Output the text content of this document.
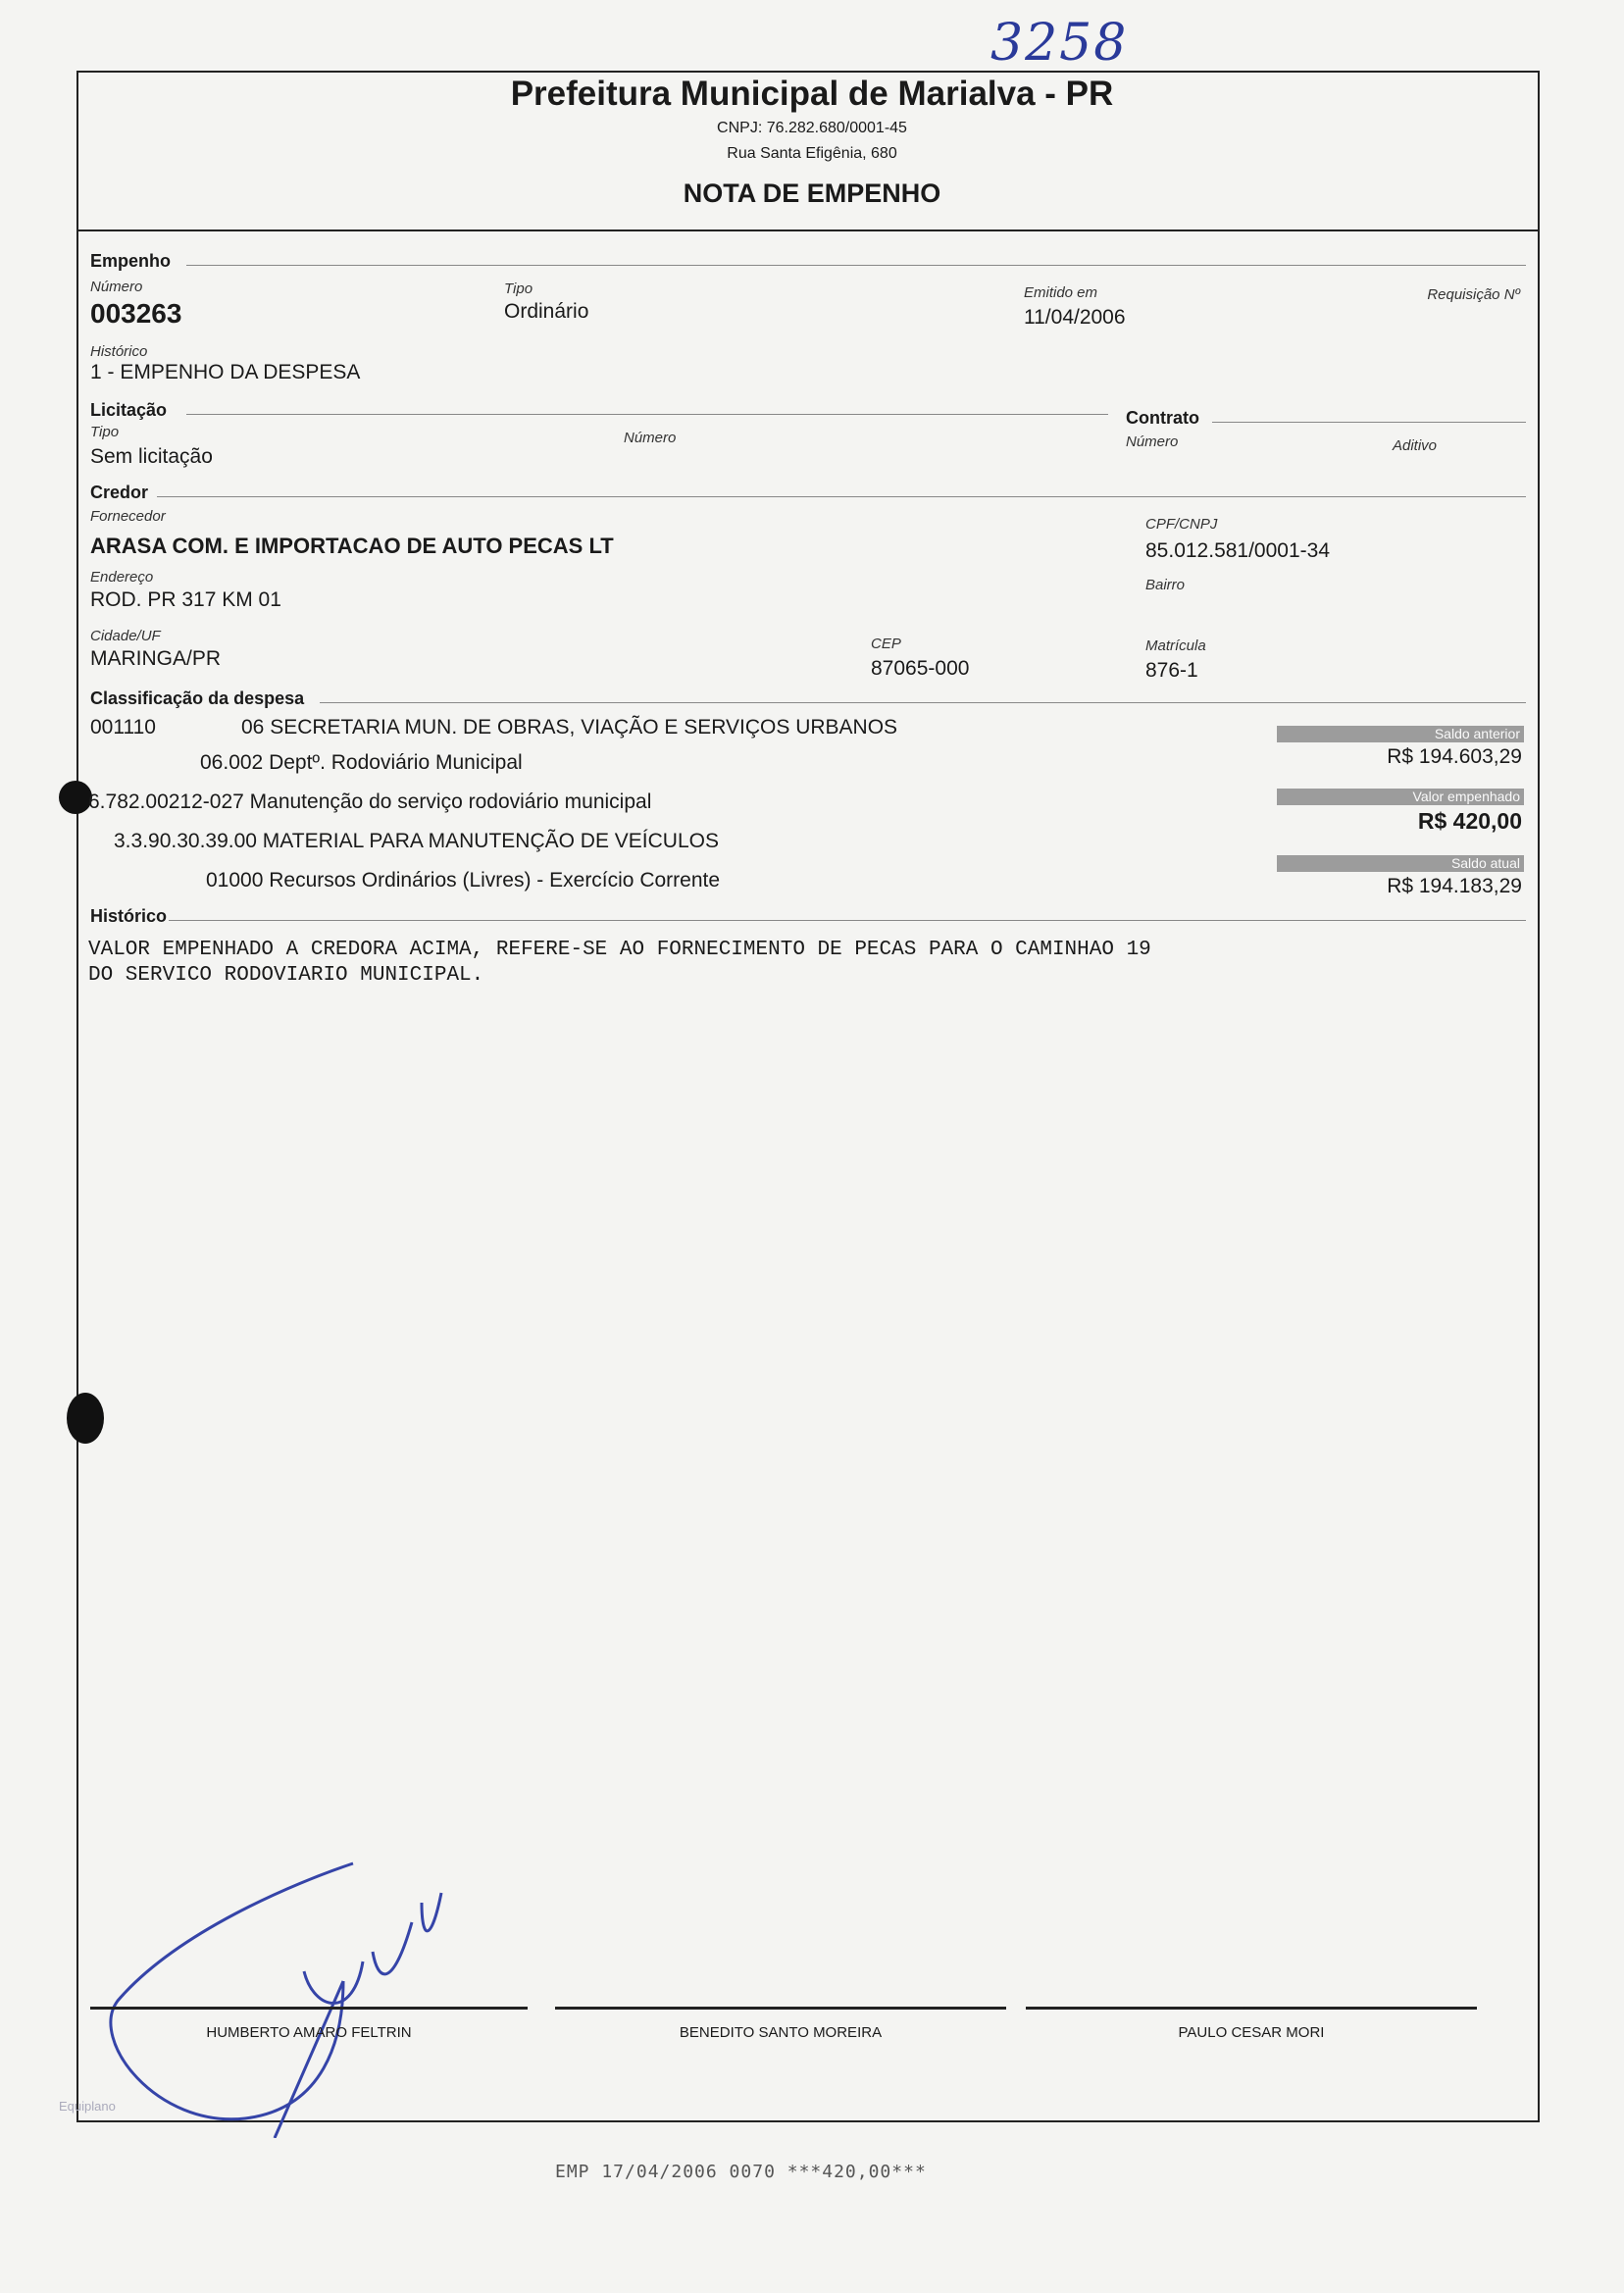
3258
Prefeitura Municipal de Marialva - PR
CNPJ: 76.282.680/0001-45
Rua Santa Efigênia, 680
NOTA DE EMPENHO
Empenho
Número
003263
Tipo
Ordinário
Emitido em
11/04/2006
Requisição Nº
Histórico
1 - EMPENHO DA DESPESA
Licitação
Tipo
Sem licitação
Número
Contrato
Número	Aditivo
Credor
Fornecedor
ARASA COM. E IMPORTACAO DE AUTO PECAS LT
CPF/CNPJ
85.012.581/0001-34
Endereço
ROD. PR 317 KM 01
Bairro
Cidade/UF
MARINGA/PR
CEP
87065-000
Matrícula
876-1
Classificação da despesa
001110	06 SECRETARIA MUN. DE OBRAS, VIAÇÃO E SERVIÇOS URBANOS
06.002 Deptº. Rodoviário Municipal
6.782.00212-027 Manutenção do serviço rodoviário municipal
3.3.90.30.39.00 MATERIAL PARA MANUTENÇÃO DE VEÍCULOS
01000 Recursos Ordinários (Livres) - Exercício Corrente
Saldo anterior
R$ 194.603,29
Valor empenhado
R$ 420,00
Saldo atual
R$ 194.183,29
Histórico
VALOR EMPENHADO A CREDORA ACIMA, REFERE-SE AO FORNECIMENTO DE PECAS PARA O CAMINHAO 19
DO SERVICO RODOVIARIO MUNICIPAL.
HUMBERTO AMARO FELTRIN	BENEDITO SANTO MOREIRA	PAULO CESAR MORI
Equiplano
EMP 17/04/2006 0070 ***420,00***
